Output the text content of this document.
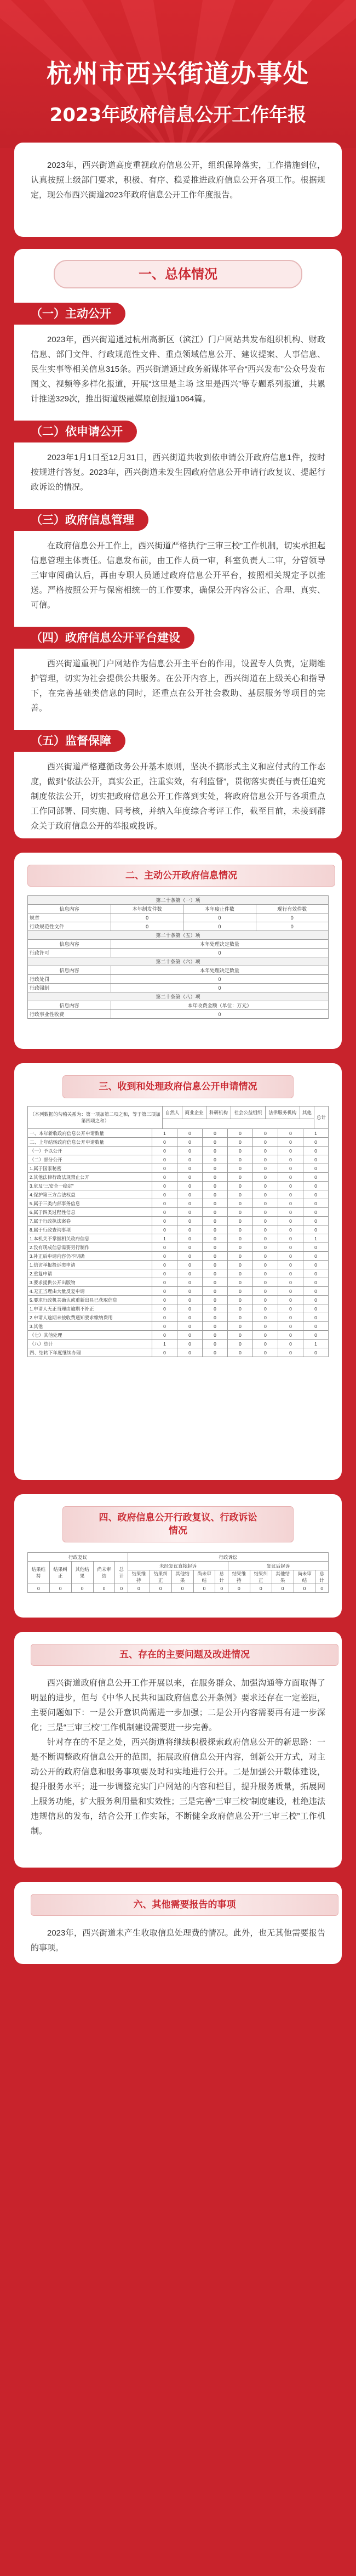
杭州市西兴街道办事处
2023年政府信息公开工作年报

2023年，西兴街道高度重视政府信息公开，组织保障落实，工作措施到位，认真按照上级部门要求，积极、有序、稳妥推进政府信息公开各项工作。根据规定，现公布西兴街道2023年政府信息公开工作年度报告。

一、总体情况
（一）主动公开

2023年，西兴街道通过杭州高新区（滨江）门户网站共发布组织机构、财政信息、部门文件、行政规范性文件、重点领域信息公开、建议提案、人事信息、民生实事等相关信息315条。西兴街道通过政务新媒体平台“西兴发布”公众号发布图文、视频等多样化报道，开展“这里是主场 这里是西兴”等专题系列报道，共累计推送329次，推出街道级融媒原创报道1064篇。

（二）依申请公开

2023年1月1日至12月31日，西兴街道共收到依申请公开政府信息1件，按时按规进行答复。2023年，西兴街道未发生因政府信息公开申请行政复议、提起行政诉讼的情况。

（三）政府信息管理

在政府信息公开工作上，西兴街道严格执行“三审三校”工作机制，切实承担起信息管理主体责任。信息发布前，由工作人员一审，科室负责人二审，分管领导三审审阅确认后，再由专职人员通过政府信息公开平台，按照相关规定予以推送。严格按照公开与保密相统一的工作要求，确保公开内容公正、合理、真实、可信。

（四）政府信息公开平台建设

西兴街道重视门户网站作为信息公开主平台的作用，设置专人负责，定期维护管理，切实为社会提供公共服务。在公开内容上，西兴街道在上级关心和指导下，在完善基础类信息的同时，还重点在公开社会救助、基层服务等项目的完善。

（五）监督保障

西兴街道严格遵循政务公开基本原则，坚决不搞形式主义和应付式的工作态度，做到“依法公开，真实公正，注重实效，有利监督”，贯彻落实责任与责任追究制度依法公开，切实把政府信息公开工作落到实处，将政府信息公开与各项重点工作同部署、同实施、同考核，并纳入年度综合考评工作，截至目前，未接到群众关于政府信息公开的举报或投诉。

二、主动公开政府信息情况
第二十条第（一）项			
信息内容	本年制发件数	本年废止件数	现行有效件数
规章	0	0	0
行政规范性文件	0	0	0
第二十条第（五）项			
信息内容	本年处理决定数量		
行政许可	0		
第二十条第（六）项			
信息内容	本年处理决定数量		
行政处罚	0		
行政强制	0		
第二十条第（八）项			
信息内容	本年收费金额（单位：万元）		
行政事业性收费	0		
三、收到和处理政府信息公开申请情况
（本列数据的勾稽关系为：第一项加第二项之和，等于第三项加第四项之和）	自然人	商业企业	科研机构	社会公益组织	法律服务机构	其他	总计

一、本年新收政府信息公开申请数量	1	0	0	0	0	0	1
二、上年结转政府信息公开申请数量	0	0	0	0	0	0	0
（一）予以公开	0	0	0	0	0	0	0
（二）部分公开	0	0	0	0	0	0	0
1.属于国家秘密	0	0	0	0	0	0	0
2.其他法律行政法规禁止公开	0	0	0	0	0	0	0
3.危及“三安全一稳定”	0	0	0	0	0	0	0
4.保护第三方合法权益	0	0	0	0	0	0	0
5.属于三类内部事务信息	0	0	0	0	0	0	0
6.属于四类过程性信息	0	0	0	0	0	0	0
7.属于行政执法案卷	0	0	0	0	0	0	0
8.属于行政查询事项	0	0	0	0	0	0	0
1.本机关不掌握相关政府信息	1	0	0	0	0	0	1
2.没有现成信息需要另行制作	0	0	0	0	0	0	0
3.补正后申请内容仍不明确	0	0	0	0	0	0	0
1.信访举报投诉类申请	0	0	0	0	0	0	0
2.重复申请	0	0	0	0	0	0	0
3.要求提供公开出版物	0	0	0	0	0	0	0
4.无正当理由大量反复申请	0	0	0	0	0	0	0
5.要求行政机关确认或重新出具已获取信息	0	0	0	0	0	0	0
1.申请人无正当理由逾期不补正	0	0	0	0	0	0	0
2.申请人逾期未按收费通知要求缴纳费用	0	0	0	0	0	0	0
3.其他	0	0	0	0	0	0	0
（七）其他处理	0	0	0	0	0	0	0
（八）总计	1	0	0	0	0	0	1
四、结转下年度继续办理	0	0	0	0	0	0	0
四、政府信息公开行政复议、行政诉讼情况
行政复议					行政诉讼									
结果维持	结果纠正	其他结果	尚未审结	总计	未经复议直接起诉					复议后起诉				
					结果维持	结果纠正	其他结果	尚未审结	总计	结果维持	结果纠正	其他结果	尚未审结	总计
0	0	0	0	0	0	0	0	0	0	0	0	0	0	0
五、存在的主要问题及改进情况

西兴街道政府信息公开工作开展以来，在服务群众、加强沟通等方面取得了明显的进步，但与《中华人民共和国政府信息公开条例》要求还存在一定差距，主要问题如下：一是公开意识尚需进一步加强；二是公开内容需要再有进一步深化；三是“三审三校”工作机制建设需要进一步完善。

针对存在的不足之处，西兴街道将继续积极探索政府信息公开的新思路：一是不断调整政府信息公开的范围，拓展政府信息公开内容，创新公开方式，对主动公开的政府信息和服务事项要及时和实地进行公开。二是加强公开载体建设，提升服务水平；进一步调整充实门户网站的内容和栏目，提升服务质量，拓展网上服务功能，扩大服务利用量和实效性；三是完善“三审三校”制度建设，杜绝违法违规信息的发布，结合公开工作实际，不断健全政府信息公开“三审三校”工作机制。

六、其他需要报告的事项

2023年，西兴街道未产生收取信息处理费的情况。此外，也无其他需要报告的事项。
